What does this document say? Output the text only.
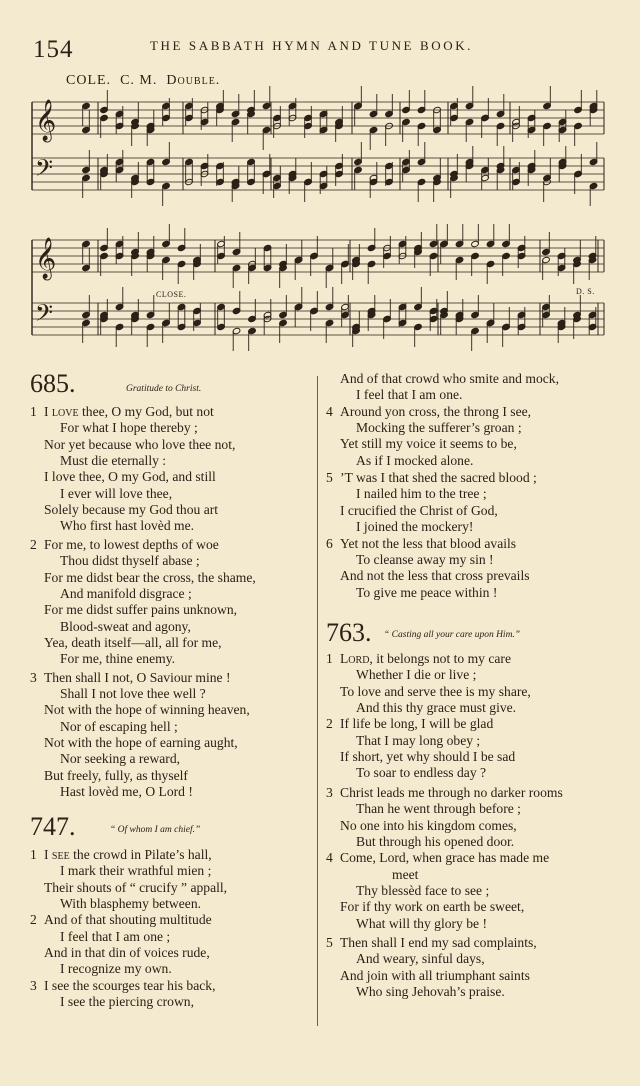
154	THE SABBATH HYMN AND TUNE BOOK.
COLE. C. M. Double.
𝄞
𝄢
𝄞
𝄢
CLOSE.	D. S.
685.	Gratitude to Christ.
1 I love thee, O my God, but not
For what I hope thereby ;
Nor yet because who love thee not,
Must die eternally :
I love thee, O my God, and still
I ever will love thee,
Solely because my God thou art
Who first hast lovèd me.
2 For me, to lowest depths of woe
Thou didst thyself abase ;
For me didst bear the cross, the shame,
And manifold disgrace ;
For me didst suffer pains unknown,
Blood-sweat and agony,
Yea, death itself—all, all for me,
For me, thine enemy.
3 Then shall I not, O Saviour mine !
Shall I not love thee well ?
Not with the hope of winning heaven,
Nor of escaping hell ;
Not with the hope of earning aught,
Nor seeking a reward,
But freely, fully, as thyself
Hast lovèd me, O Lord !
747.	“ Of whom I am chief.”
1 I see the crowd in Pilate’s hall,
I mark their wrathful mien ;
Their shouts of “ crucify ” appall,
With blasphemy between.
2 And of that shouting multitude
I feel that I am one ;
And in that din of voices rude,
I recognize my own.
3 I see the scourges tear his back,
I see the piercing crown,
And of that crowd who smite and mock,
I feel that I am one.
4 Around yon cross, the throng I see,
Mocking the sufferer’s groan ;
Yet still my voice it seems to be,
As if I mocked alone.
5 ’T was I that shed the sacred blood ;
I nailed him to the tree ;
I crucified the Christ of God,
I joined the mockery!
6 Yet not the less that blood avails
To cleanse away my sin !
And not the less that cross prevails
To give me peace within !
763. “ Casting all your care upon Him.”
1 Lord, it belongs not to my care
Whether I die or live ;
To love and serve thee is my share,
And this thy grace must give.
2 If life be long, I will be glad
That I may long obey ;
If short, yet why should I be sad
To soar to endless day ?
3 Christ leads me through no darker rooms
Than he went through before ;
No one into his kingdom comes,
But through his opened door.
4 Come, Lord, when grace has made me
meet
Thy blessèd face to see ;
For if thy work on earth be sweet,
What will thy glory be !
5 Then shall I end my sad complaints,
And weary, sinful days,
And join with all triumphant saints
Who sing Jehovah’s praise.
